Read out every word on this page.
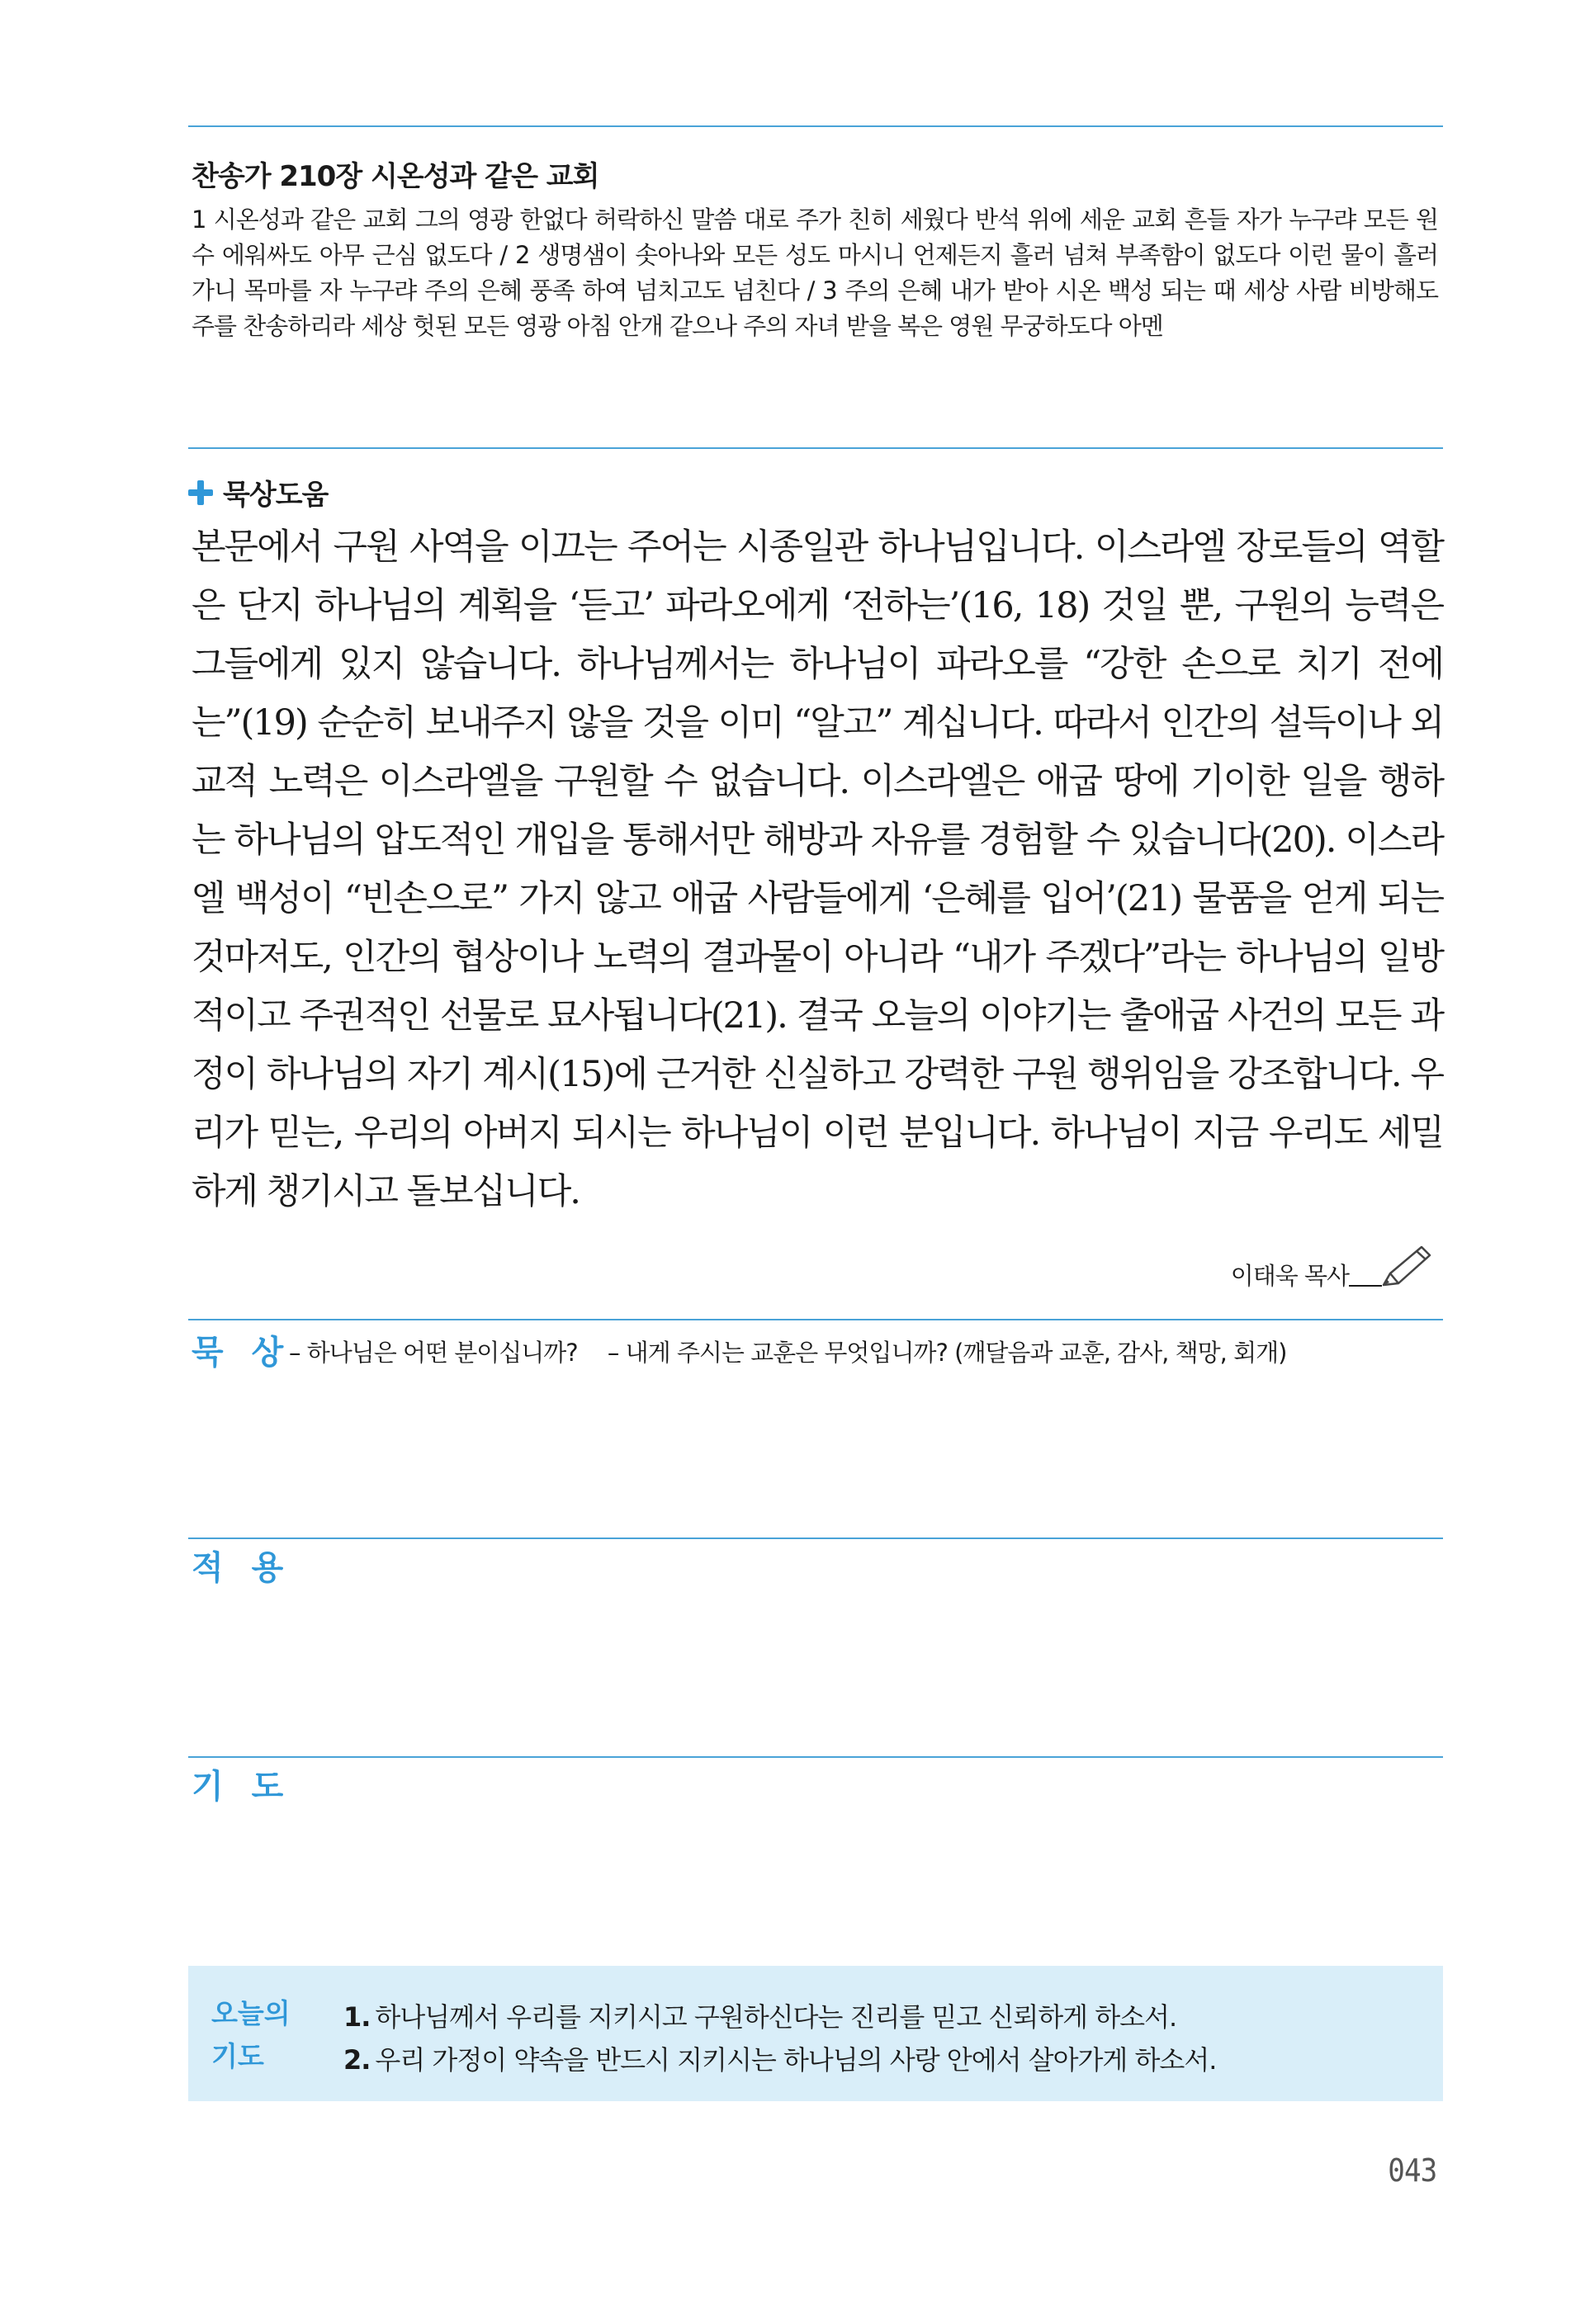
찬송가 210장 시온성과 같은 교회

1 시온성과 같은 교회 그의 영광 한없다 허락하신 말씀 대로 주가 친히 세웠다 반석 위에 세운 교회 흔들 자가 누구랴 모든 원수 에워싸도 아무 근심 없도다 / 2 생명샘이 솟아나와 모든 성도 마시니 언제든지 흘러 넘쳐 부족함이 없도다 이런 물이 흘러 가니 목마를 자 누구랴 주의 은혜 풍족 하여 넘치고도 넘친다 / 3 주의 은혜 내가 받아 시온 백성 되는 때 세상 사람 비방해도 주를 찬송하리라 세상 헛된 모든 영광 아침 안개 같으나 주의 자녀 받을 복은 영원 무궁하도다 아멘

묵상도움

본문에서 구원 사역을 이끄는 주어는 시종일관 하나님입니다. 이스라엘 장로들의 역할은 단지 하나님의 계획을 ‘듣고’ 파라오에게 ‘전하는’(16, 18) 것일 뿐, 구원의 능력은 그들에게 있지 않습니다. 하나님께서는 하나님이 파라오를 “강한 손으로 치기 전에는”(19) 순순히 보내주지 않을 것을 이미 “알고” 계십니다. 따라서 인간의 설득이나 외교적 노력은 이스라엘을 구원할 수 없습니다. 이스라엘은 애굽 땅에 기이한 일을 행하는 하나님의 압도적인 개입을 통해서만 해방과 자유를 경험할 수 있습니다(20). 이스라엘 백성이 “빈손으로” 가지 않고 애굽 사람들에게 ‘은혜를 입어’(21) 물품을 얻게 되는 것마저도, 인간의 협상이나 노력의 결과물이 아니라 “내가 주겠다”라는 하나님의 일방적이고 주권적인 선물로 묘사됩니다(21). 결국 오늘의 이야기는 출애굽 사건의 모든 과정이 하나님의 자기 계시(15)에 근거한 신실하고 강력한 구원 행위임을 강조합니다. 우리가 믿는, 우리의 아버지 되시는 하나님이 이런 분입니다. 하나님이 지금 우리도 세밀하게 챙기시고 돌보십니다.

이태욱 목사
묵 상
– 하나님은 어떤 분이십니까? – 내게 주시는 교훈은 무엇입니까? (깨달음과 교훈, 감사, 책망, 회개)
적 용
기 도
오늘의
기도
1. 하나님께서 우리를 지키시고 구원하신다는 진리를 믿고 신뢰하게 하소서.
2. 우리 가정이 약속을 반드시 지키시는 하나님의 사랑 안에서 살아가게 하소서.
043
